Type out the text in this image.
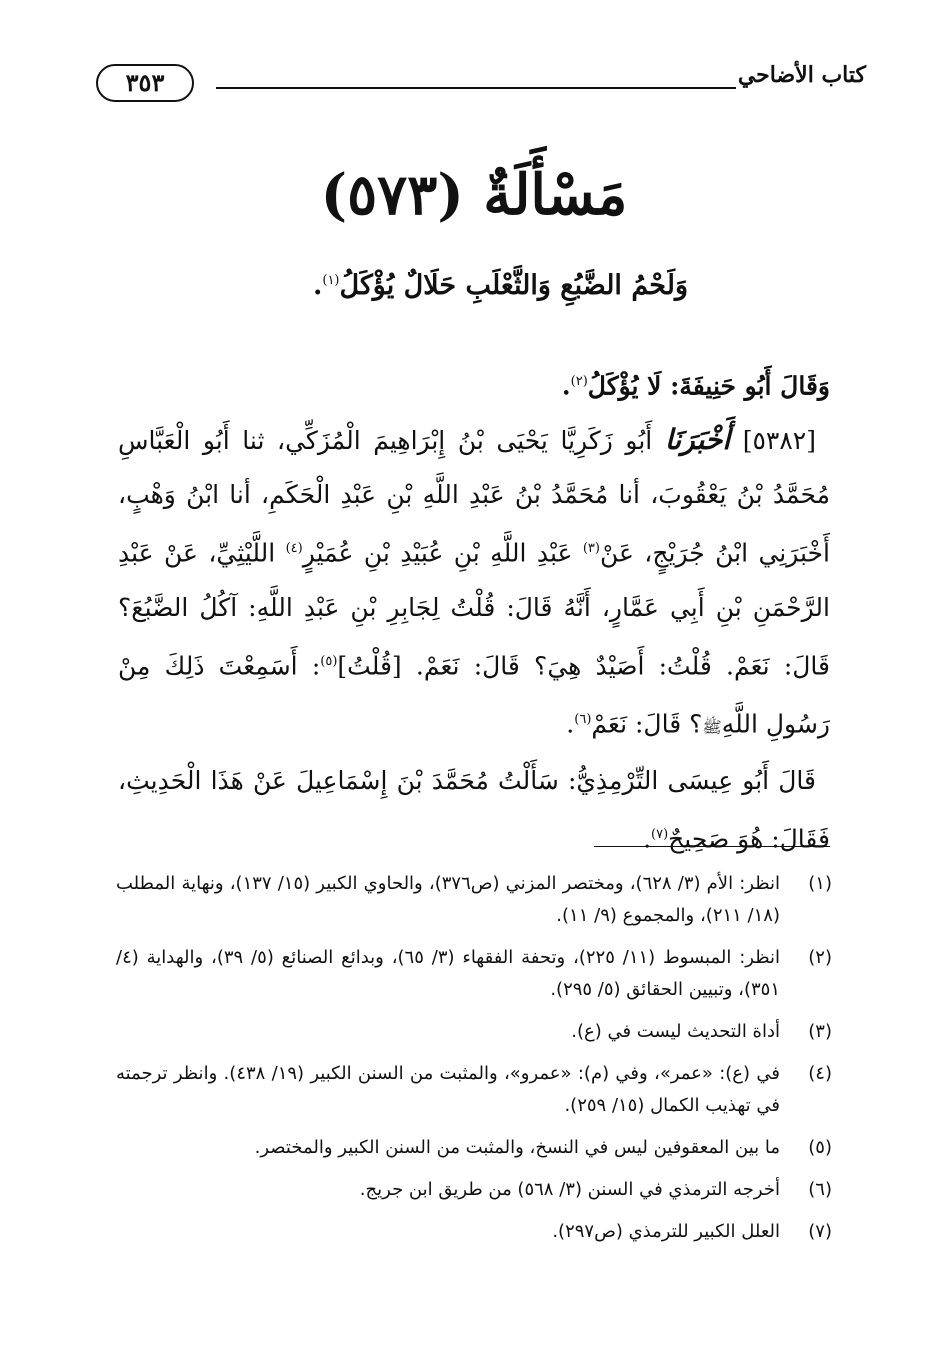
كتاب الأضاحي
٣٥٣
مَسْأَلَةٌ (٥٧٣)
وَلَحْمُ الضَّبُعِ وَالثَّعْلَبِ حَلَالٌ يُؤْكَلُ$^{(١)}$.

وَقَالَ أَبُو حَنِيفَةَ: لَا يُؤْكَلُ$^{(٢)}$.

[٥٣٨٢] أَخْبَرَنَا أَبُو زَكَرِيَّا يَحْيَى بْنُ إِبْرَاهِيمَ الْمُزَكِّي، ثنا أَبُو الْعَبَّاسِ مُحَمَّدُ بْنُ يَعْقُوبَ، أنا مُحَمَّدُ بْنُ عَبْدِ اللَّهِ بْنِ عَبْدِ الْحَكَمِ، أنا ابْنُ وَهْبٍ، أَخْبَرَنِي ابْنُ جُرَيْجٍ، عَنْ$^{(٣)}$ عَبْدِ اللَّهِ بْنِ عُبَيْدِ بْنِ عُمَيْرٍ$^{(٤)}$ اللَّيْثِيِّ، عَنْ عَبْدِ الرَّحْمَنِ بْنِ أَبِي عَمَّارٍ، أَنَّهُ قَالَ: قُلْتُ لِجَابِرِ بْنِ عَبْدِ اللَّهِ: آكُلُ الضَّبُعَ؟ قَالَ: نَعَمْ. قُلْتُ: أَصَيْدٌ هِيَ؟ قَالَ: نَعَمْ. [قُلْتُ]$^{(٥)}$: أَسَمِعْتَ ذَلِكَ مِنْ رَسُولِ اللَّهِﷺ؟ قَالَ: نَعَمْ$^{(٦)}$.

قَالَ أَبُو عِيسَى التِّرْمِذِيُّ: سَأَلْتُ مُحَمَّدَ بْنَ إِسْمَاعِيلَ عَنْ هَذَا الْحَدِيثِ، فَقَالَ: هُوَ صَحِيحٌ$^{(٧)}$.

(١)
انظر: الأم (٣/ ٦٢٨)، ومختصر المزني (ص٣٧٦)، والحاوي الكبير (١٥/ ١٣٧)، ونهاية المطلب (١٨/ ٢١١)، والمجموع (٩/ ١١).
(٢)
انظر: المبسوط (١١/ ٢٢٥)، وتحفة الفقهاء (٣/ ٦٥)، وبدائع الصنائع (٥/ ٣٩)، والهداية (٤/ ٣٥١)، وتبيين الحقائق (٥/ ٢٩٥).
(٣)
أداة التحديث ليست في (ع).
(٤)
في (ع): «عمر»، وفي (م): «عمرو»، والمثبت من السنن الكبير (١٩/ ٤٣٨). وانظر ترجمته في تهذيب الكمال (١٥/ ٢٥٩).
(٥)
ما بين المعقوفين ليس في النسخ، والمثبت من السنن الكبير والمختصر.
(٦)
أخرجه الترمذي في السنن (٣/ ٥٦٨) من طريق ابن جريج.
(٧)
العلل الكبير للترمذي (ص٢٩٧).
